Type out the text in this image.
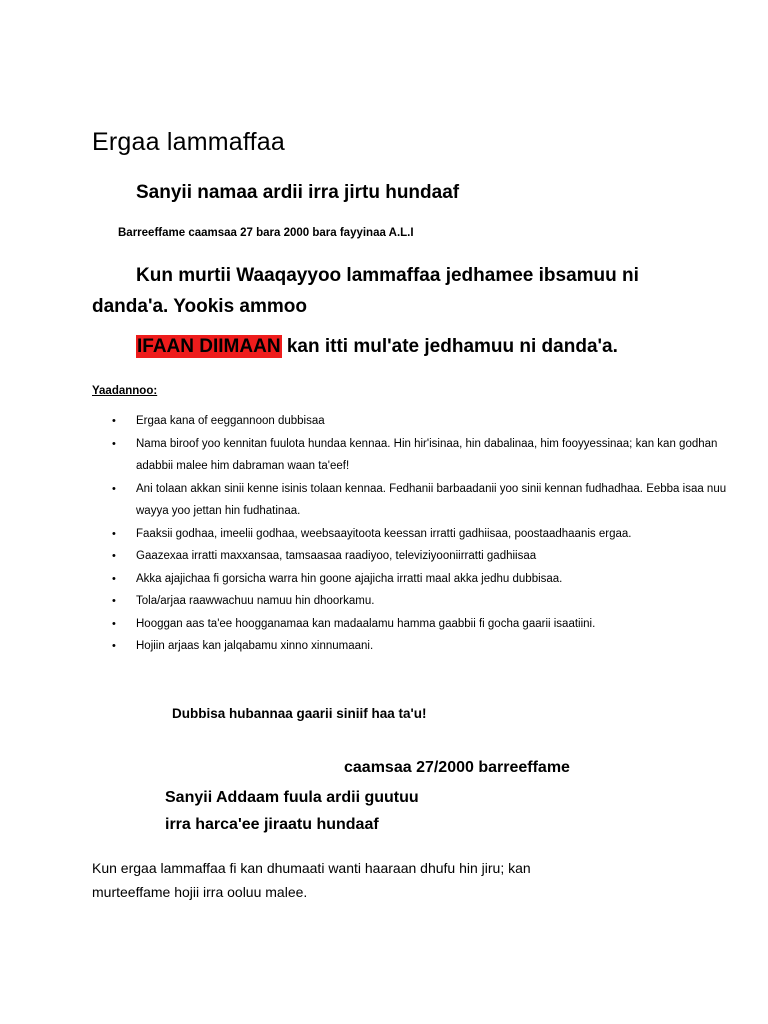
Ergaa lammaffaa
Sanyii namaa ardii irra jirtu hundaaf
Barreeffame caamsaa 27 bara 2000 bara fayyinaa A.L.I
Kun murtii Waaqayyoo lammaffaa jedhamee ibsamuu ni danda'a. Yookis ammoo
IFAAN DIIMAAN kan itti mul'ate jedhamuu ni danda'a.
Yaadannoo:
• Ergaa kana of eeggannoon dubbisaa
• Nama biroof yoo kennitan fuulota hundaa kennaa. Hin hir'isinaa, hin dabalinaa, him fooyyessinaa; kan kan godhan adabbii malee him dabraman waan ta'eef!
• Ani tolaan akkan sinii kenne isinis tolaan kennaa. Fedhanii barbaadanii yoo sinii kennan fudhadhaa. Eebba isaa nuu wayya yoo jettan hin fudhatinaa.
• Faaksii godhaa, imeelii godhaa, weebsaayitoota keessan irratti gadhiisaa, poostaadhaanis ergaa.
• Gaazexaa irratti maxxansaa, tamsaasaa raadiyoo, televiziyooniirratti gadhiisaa
• Akka ajajichaa fi gorsicha warra hin goone ajajicha irratti maal akka jedhu dubbisaa.
• Tola/arjaa raawwachuu namuu hin dhoorkamu.
• Hooggan aas ta'ee hoogganamaa kan madaalamu hamma gaabbii fi gocha gaarii isaatiini.
• Hojiin arjaas kan jalqabamu xinno xinnumaani.
Dubbisa hubannaa gaarii siniif haa ta'u!
caamsaa 27/2000 barreeffame
Sanyii Addaam fuula ardii guutuu
irra harca'ee jiraatu hundaaf
Kun ergaa lammaffaa fi kan dhumaati wanti haaraan dhufu hin jiru; kan murteeffame hojii irra ooluu malee.
